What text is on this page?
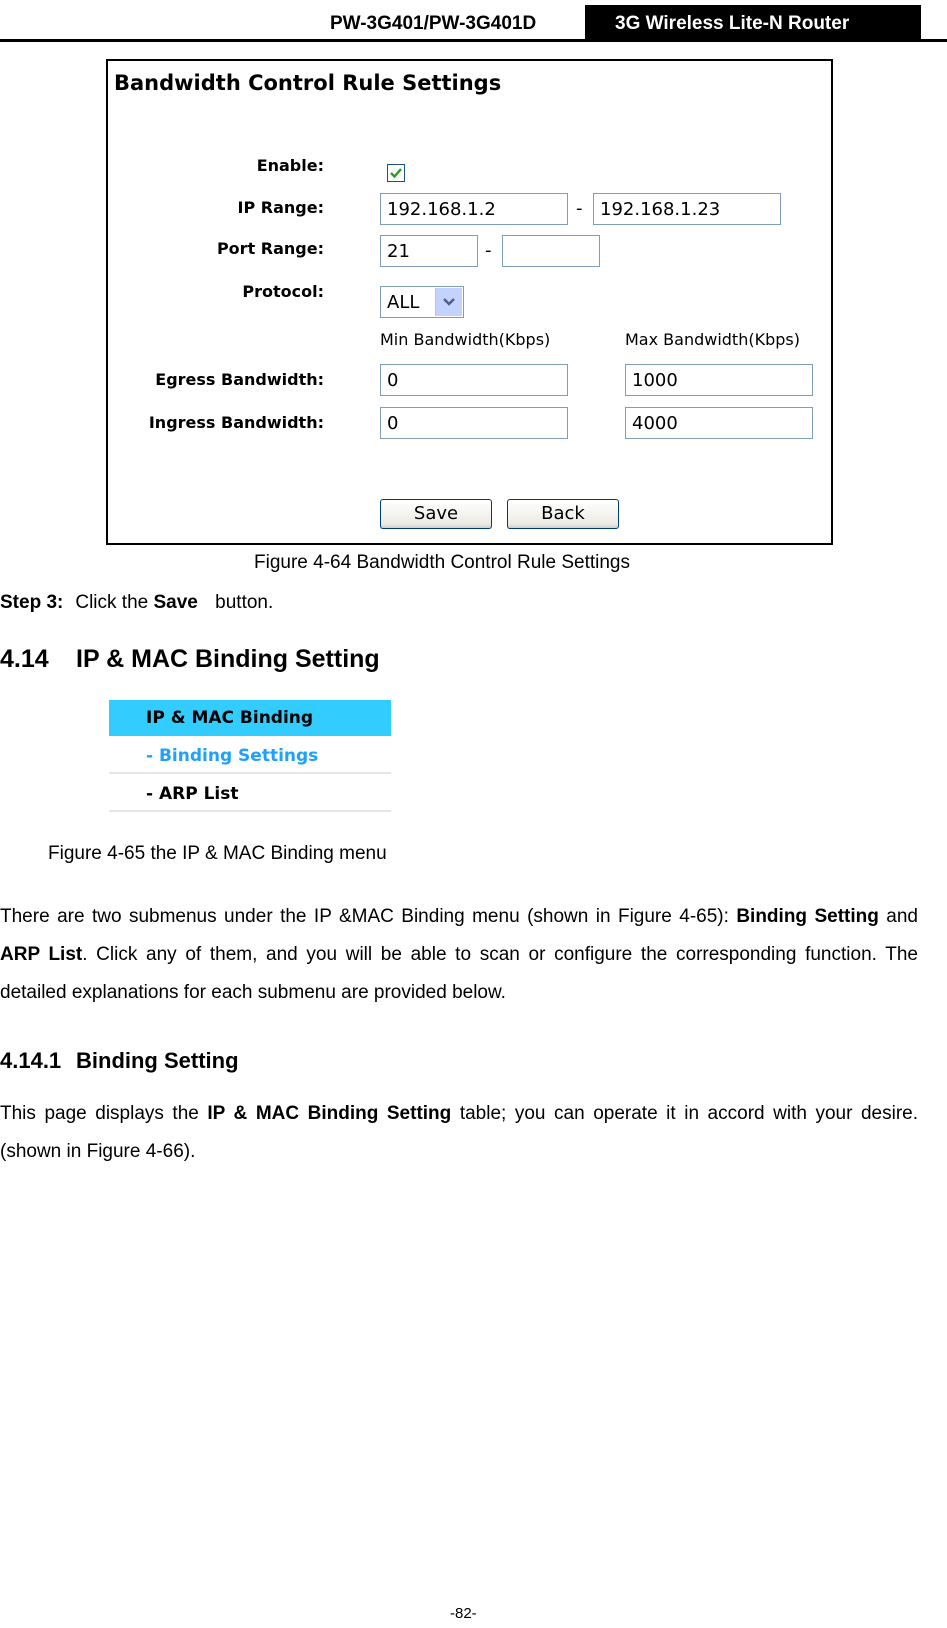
PW-3G401/PW-3G401D	3G Wireless Lite-N Router
Bandwidth Control Rule Settings
Enable:
IP Range:	192.168.1.2	- 192.168.1.23
Port Range:	21	-
Protocol:
ALL
Min Bandwidth(Kbps)	Max Bandwidth(Kbps)
Egress Bandwidth:	0	1000
Ingress Bandwidth:	0	4000
Save	Back
Figure 4-64 Bandwidth Control Rule Settings
Step 3: Click the Save button.
4.14 IP & MAC Binding Setting
IP & MAC Binding
- Binding Settings
- ARP List
Figure 4-65 the IP & MAC Binding menu
There are two submenus under the IP &MAC Binding menu (shown in Figure 4-65): Binding Setting and ARP List. Click any of them, and you will be able to scan or configure the corresponding function. The detailed explanations for each submenu are provided below.
4.14.1 Binding Setting
This page displays the IP & MAC Binding Setting table; you can operate it in accord with your desire. (shown in Figure 4-66).
-82-
